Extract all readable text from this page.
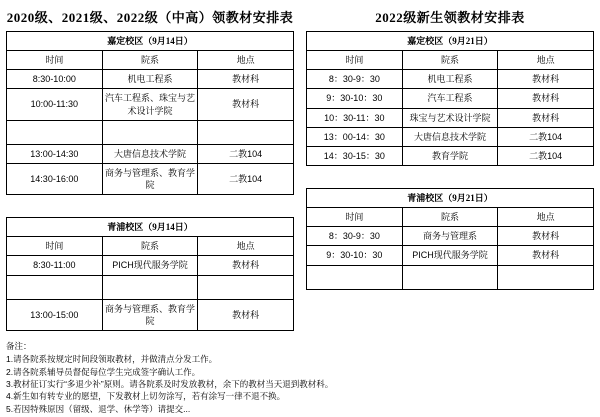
2020级、2021级、2022级（中高）领教材安排表
嘉定校区（9月14日）		
时间	院系	地点
8:30-10:00	机电工程系	教材科
10:00-11:30	汽车工程系、珠宝与艺术设计学院	教材科

13:00-14:30	大唐信息技术学院	二教104
14:30-16:00	商务与管理系、教育学院	二教104
青浦校区（9月14日）		
时间	院系	地点
8:30-11:00	PICH现代服务学院	教材科

13:00-15:00	商务与管理系、教育学院	教材科
2022级新生领教材安排表
嘉定校区（9月21日）		
时间	院系	地点
8：30-9：30	机电工程系	教材科
9：30-10：30	汽车工程系	教材科
10：30-11：30	珠宝与艺术设计学院	教材科
13：00-14：30	大唐信息技术学院	二教104
14：30-15：30	教育学院	二教104
青浦校区（9月21日）		
时间	院系	地点
8：30-9：30	商务与管理系	教材科
9：30-10：30	PICH现代服务学院	教材科

备注：
1.请各院系按规定时间段领取教材，并做清点分发工作。
2.请各院系辅导员督促每位学生完成签字确认工作。
3.教材征订实行“多退少补”原则。请各院系及时发放教材，余下的教材当天退到教材科。
4.新生如有转专业的愿望，下发教材上切勿涂写，若有涂写一律不退不换。
5.若因特殊原因（留级、退学、休学等）请提交...
